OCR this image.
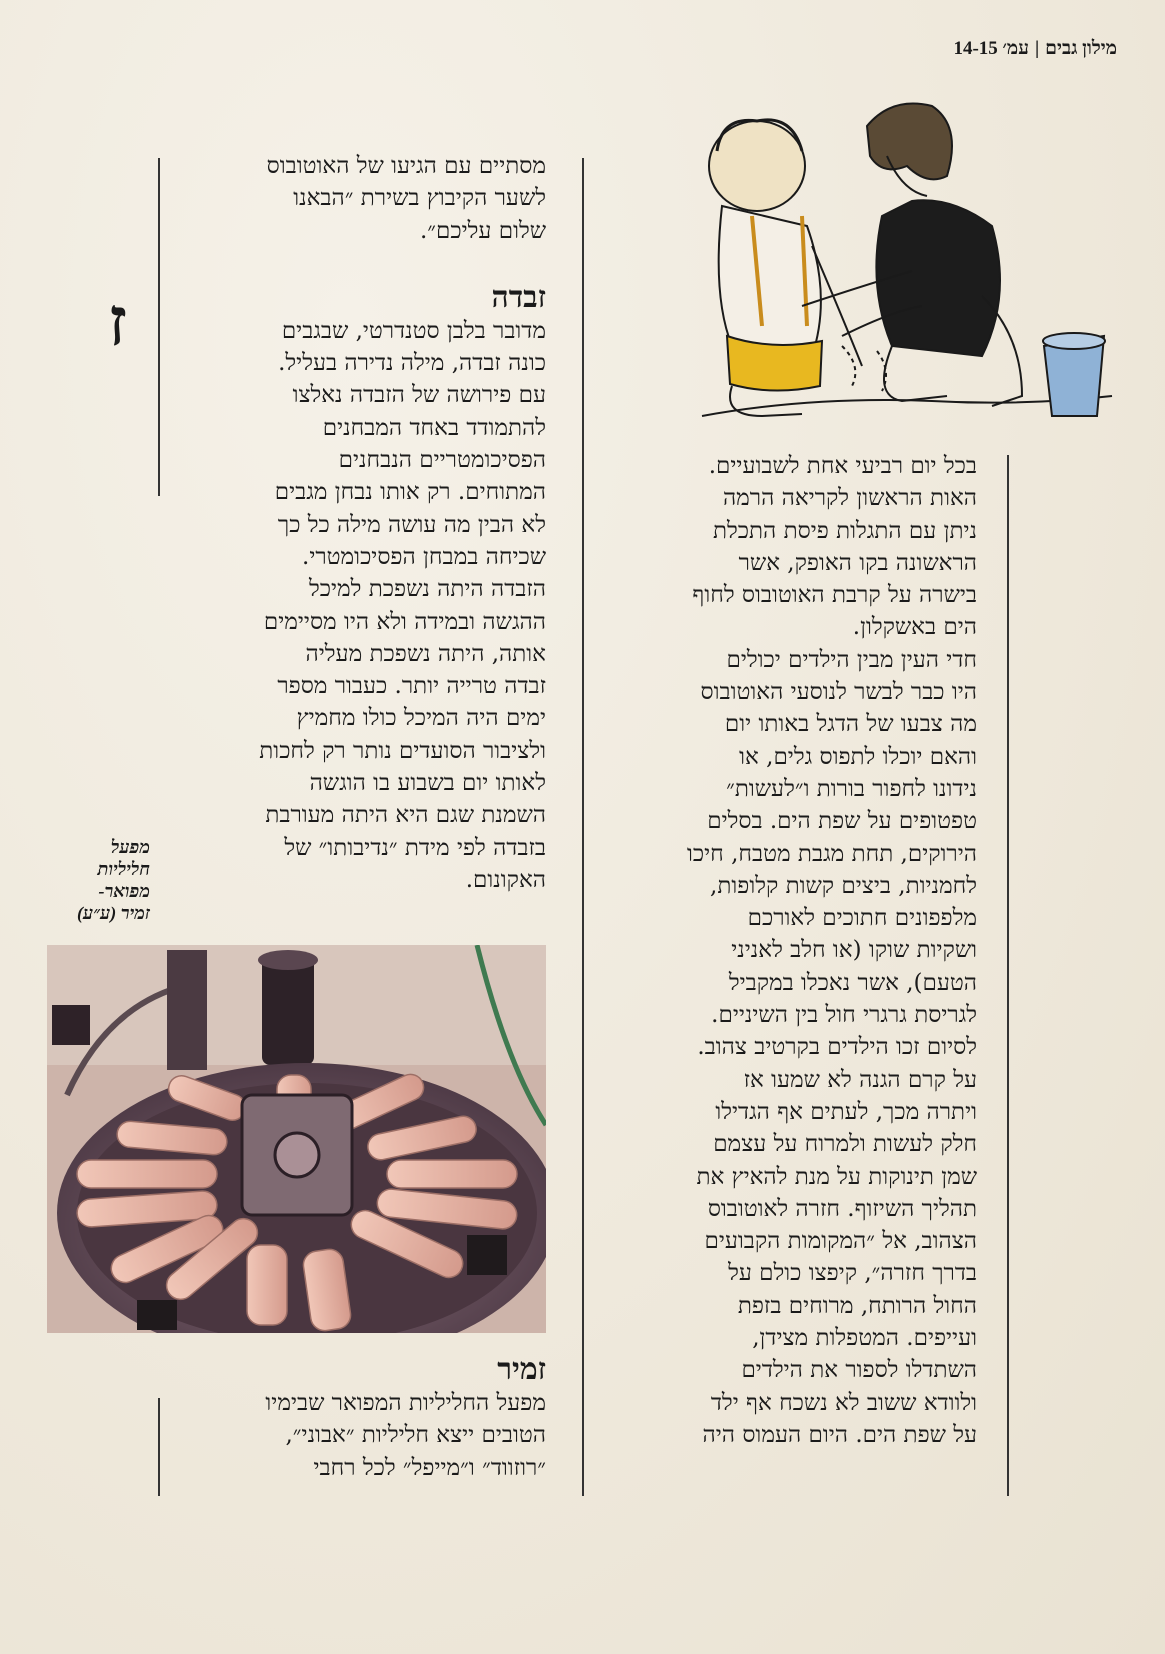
מילון גבים|עמ׳ 14-15
ז

מסתיים עם הגיעו של האוטובוס
לשער הקיבוץ בשירת ״הבאנו
שלום עליכם״.

זבדה

מדובר בלבן סטנדרטי, שבגבים
כונה זבדה, מילה נדירה בעליל.
עם פירושה של הזבדה נאלצו
להתמודד באחד המבחנים
הפסיכומטריים הנבחנים
המתוחים. רק אותו נבחן מגבים
לא הבין מה עושה מילה כל כך
שכיחה במבחן הפסיכומטרי.
הזבדה היתה נשפכת למיכל
ההגשה ובמידה ולא היו מסיימים
אותה, היתה נשפכת מעליה
זבדה טרייה יותר. כעבור מספר
ימים היה המיכל כולו מחמיץ
ולציבור הסועדים נותר רק לחכות
לאותו יום בשבוע בו הוגשה
השמנת שגם היא היתה מעורבת
בזבדה לפי מידת ״נדיבותו״ של
האקונום.

מפעל
חליליות
מפואר-
זמיר (ע״ע)
זמיר

מפעל החליליות המפואר שבימיו
הטובים ייצא חליליות ״אבוני״,
״רוזווד״ ו״מייפל״ לכל רחבי

בכל יום רביעי אחת לשבועיים.
האות הראשון לקריאה הרמה
ניתן עם התגלות פיסת התכלת
הראשונה בקו האופק, אשר
בישרה על קרבת האוטובוס לחוף
הים באשקלון.
חדי העין מבין הילדים יכולים
היו כבר לבשר לנוסעי האוטובוס
מה צבעו של הדגל באותו יום
והאם יוכלו לתפוס גלים, או
נידונו לחפור בורות ו״לעשות״
טפטופים על שפת הים. בסלים
הירוקים, תחת מגבת מטבח, חיכו
לחמניות, ביצים קשות קלופות,
מלפפונים חתוכים לאורכם
ושקיות שוקו (או חלב לאניני
הטעם), אשר נאכלו במקביל
לגריסת גרגרי חול בין השיניים.
לסיום זכו הילדים בקרטיב צהוב.
על קרם הגנה לא שמעו אז
ויתרה מכך, לעתים אף הגדילו
חלק לעשות ולמרוח על עצמם
שמן תינוקות על מנת להאיץ את
תהליך השיזוף. חזרה לאוטובוס
הצהוב, אל ״המקומות הקבועים
בדרך חזרה״, קיפצו כולם על
החול הרותח, מרוחים בזפת
ועייפים. המטפלות מצידן,
השתדלו לספור את הילדים
ולוודא ששוב לא נשכח אף ילד
על שפת הים. היום העמוס היה
